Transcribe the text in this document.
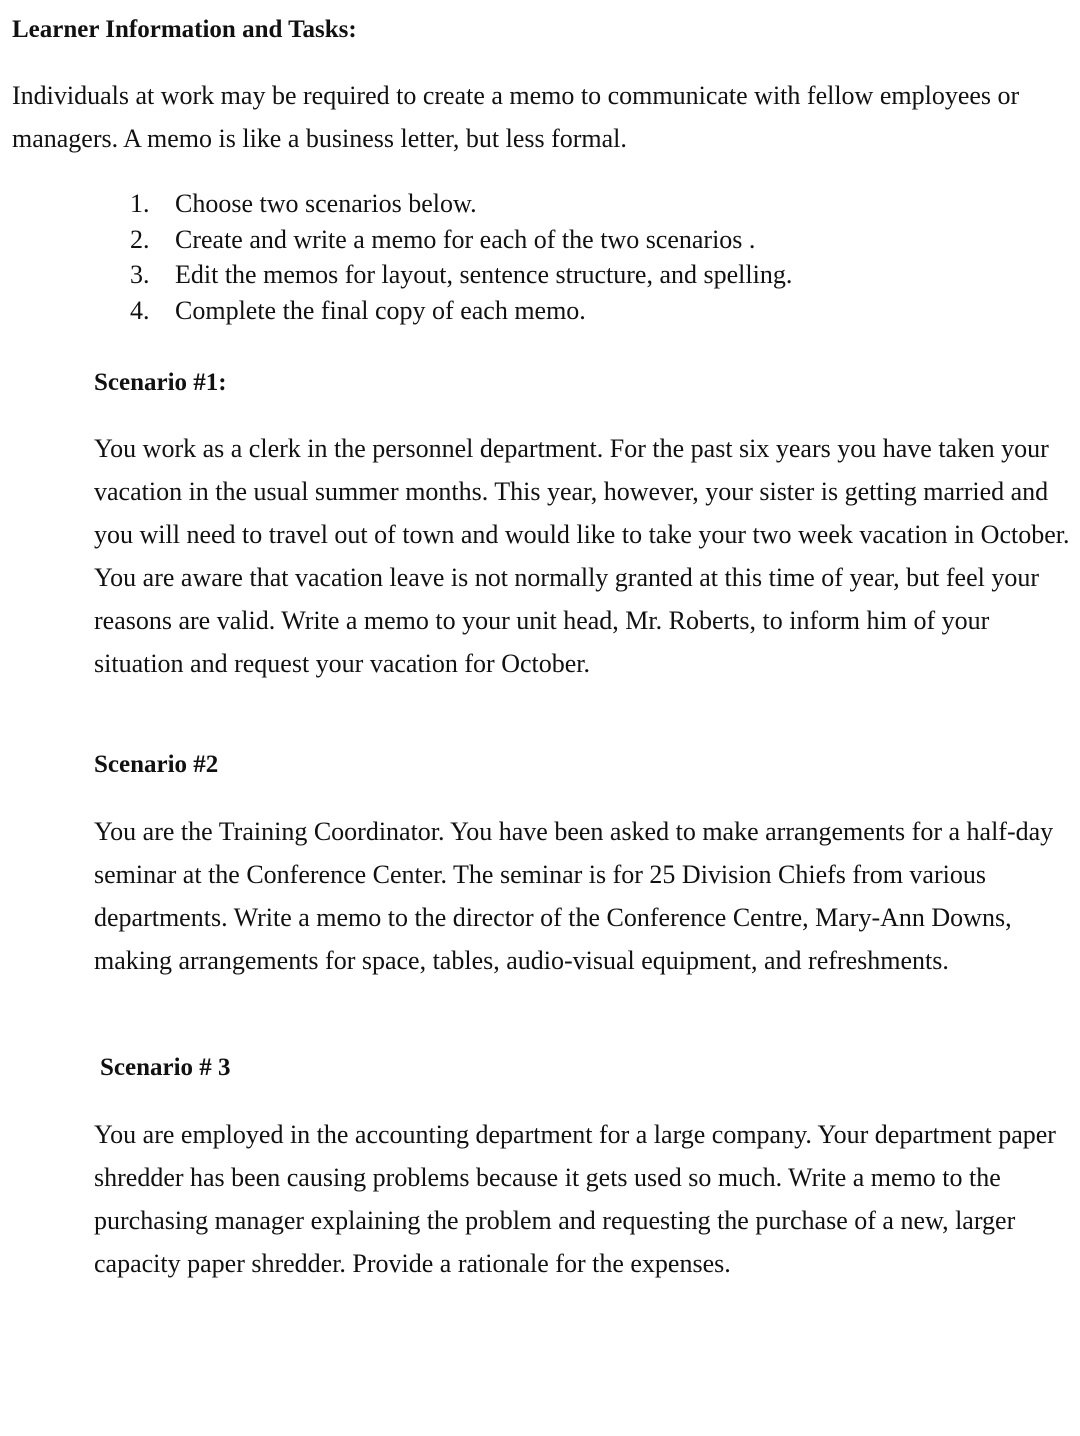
Learner Information and Tasks:

Individuals at work may be required to create a memo to communicate with fellow employees or managers. A memo is like a business letter, but less formal.

1. Choose two scenarios below.
2. Create and write a memo for each of the two scenarios .
3. Edit the memos for layout, sentence structure, and spelling.
4. Complete the final copy of each memo.
Scenario #1:

You work as a clerk in the personnel department. For the past six years you have taken your vacation in the usual summer months. This year, however, your sister is getting married and you will need to travel out of town and would like to take your two week vacation in October. You are aware that vacation leave is not normally granted at this time of year, but feel your reasons are valid. Write a memo to your unit head, Mr. Roberts, to inform him of your situation and request your vacation for October.

Scenario #2

You are the Training Coordinator. You have been asked to make arrangements for a half-day seminar at the Conference Center. The seminar is for 25 Division Chiefs from various departments. Write a memo to the director of the Conference Centre, Mary-Ann Downs, making arrangements for space, tables, audio-visual equipment, and refreshments.

Scenario # 3

You are employed in the accounting department for a large company. Your department paper shredder has been causing problems because it gets used so much. Write a memo to the purchasing manager explaining the problem and requesting the purchase of a new, larger capacity paper shredder. Provide a rationale for the expenses.
